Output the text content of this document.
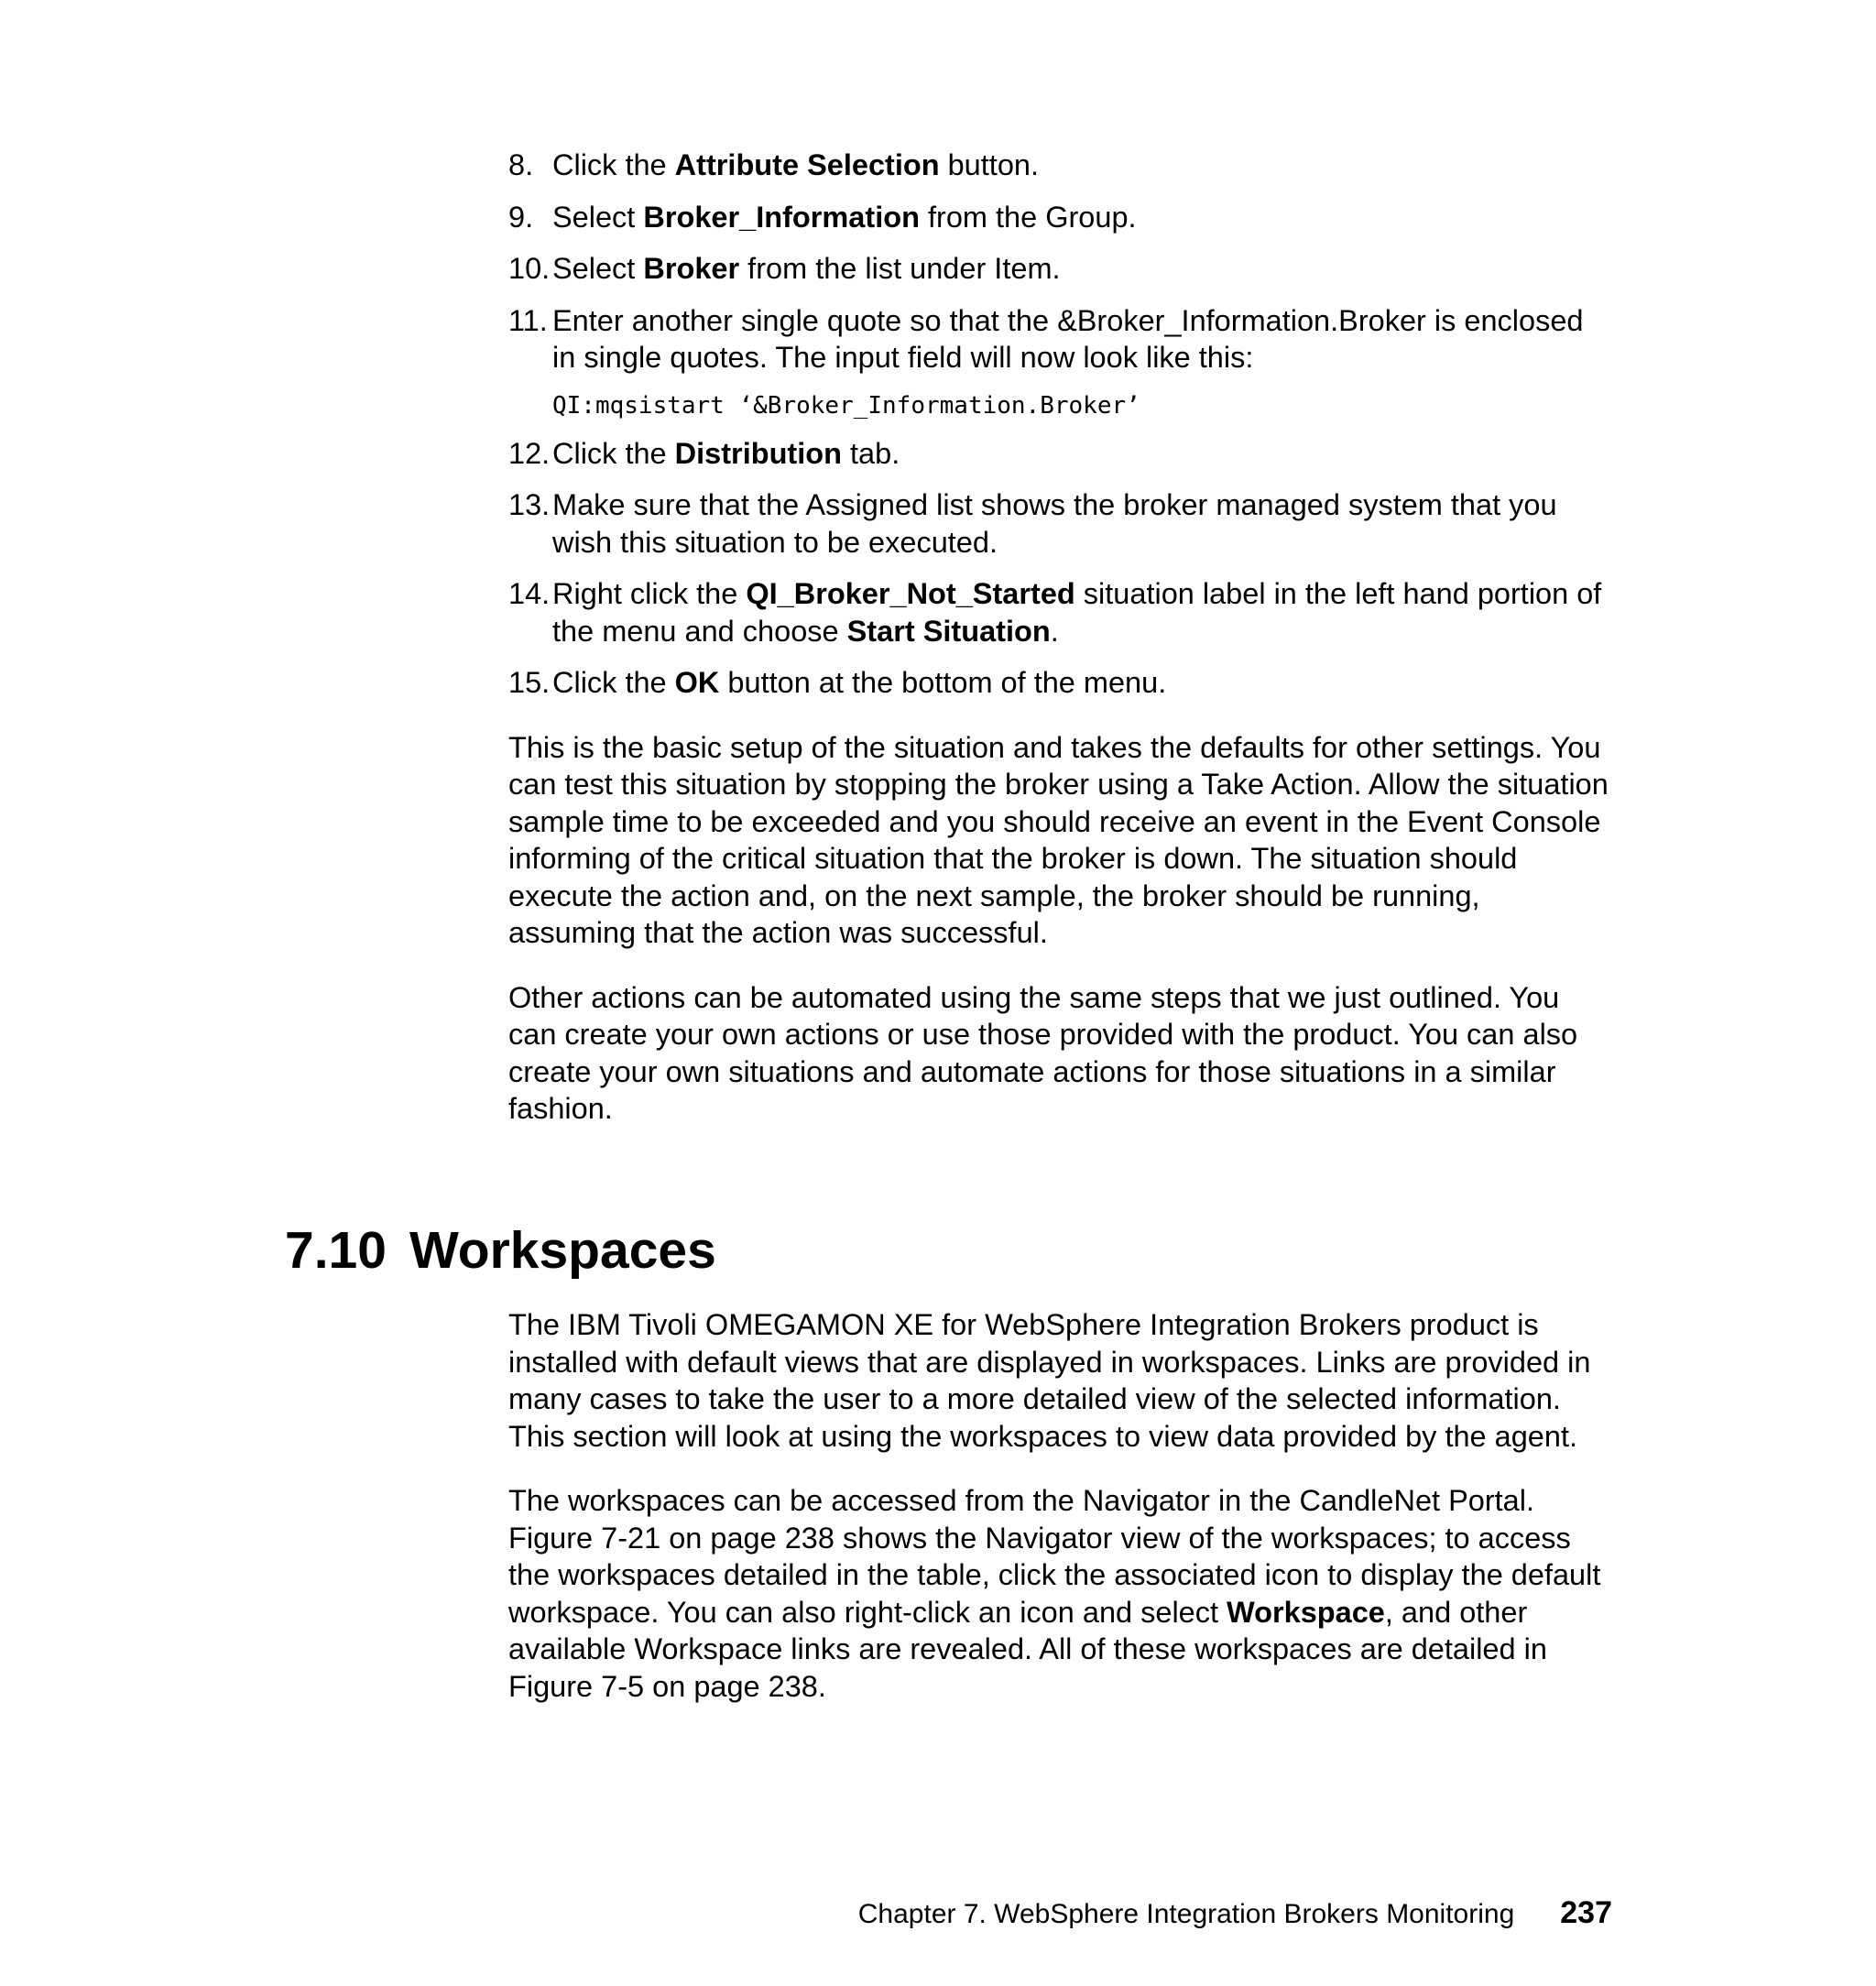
8. Click the Attribute Selection button.
9. Select Broker_Information from the Group.
10. Select Broker from the list under Item.
11. Enter another single quote so that the &Broker_Information.Broker is enclosed in single quotes. The input field will now look like this:
QI:mqsistart ‘&Broker_Information.Broker’
12. Click the Distribution tab.
13. Make sure that the Assigned list shows the broker managed system that you wish this situation to be executed.
14. Right click the QI_Broker_Not_Started situation label in the left hand portion of the menu and choose Start Situation.
15. Click the OK button at the bottom of the menu.

This is the basic setup of the situation and takes the defaults for other settings. You can test this situation by stopping the broker using a Take Action. Allow the situation sample time to be exceeded and you should receive an event in the Event Console informing of the critical situation that the broker is down. The situation should execute the action and, on the next sample, the broker should be running, assuming that the action was successful.

Other actions can be automated using the same steps that we just outlined. You can create your own actions or use those provided with the product. You can also create your own situations and automate actions for those situations in a similar fashion.

7.10 Workspaces

The IBM Tivoli OMEGAMON XE for WebSphere Integration Brokers product is installed with default views that are displayed in workspaces. Links are provided in many cases to take the user to a more detailed view of the selected information. This section will look at using the workspaces to view data provided by the agent.

The workspaces can be accessed from the Navigator in the CandleNet Portal. Figure 7-21 on page 238 shows the Navigator view of the workspaces; to access the workspaces detailed in the table, click the associated icon to display the default workspace. You can also right-click an icon and select Workspace, and other available Workspace links are revealed. All of these workspaces are detailed in Figure 7-5 on page 238.

Chapter 7. WebSphere Integration Brokers Monitoring 237
